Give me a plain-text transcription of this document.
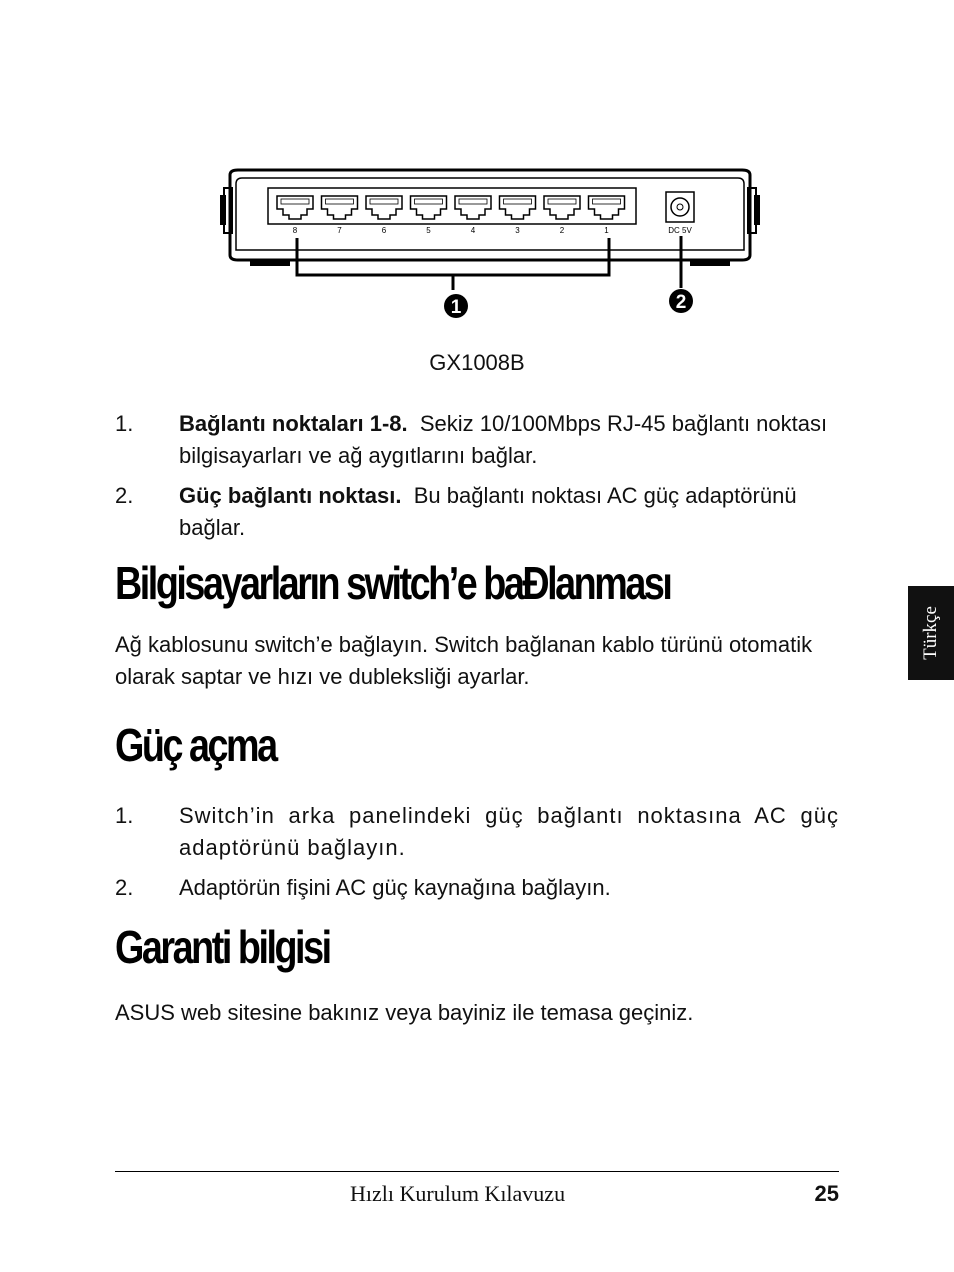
8	7	6	5	4	3	2	1	DC 5V
1	2
GX1008B
1.	Bağlantı noktaları 1-8. Sekiz 10/100Mbps RJ-45 bağlantı noktası bilgisayarları ve ağ aygıtlarını bağlar.
2.	Güç bağlantı noktası. Bu bağlantı noktası AC güç adaptörünü bağlar.
Bilgisayarların switch’e baÐlanması
Ağ kablosunu switch’e bağlayın. Switch bağlanan kablo türünü otomatik olarak saptar ve hızı ve dubleksliği ayarlar.
Güç açma
1.	Switch’in arka panelindeki güç bağlantı noktasına AC güç adaptörünü bağlayın.
2.	Adaptörün fişini AC güç kaynağına bağlayın.
Garanti bilgisi
ASUS web sitesine bakınız veya bayiniz ile temasa geçiniz.
Türkçe
Hızlı Kurulum Kılavuzu	25
